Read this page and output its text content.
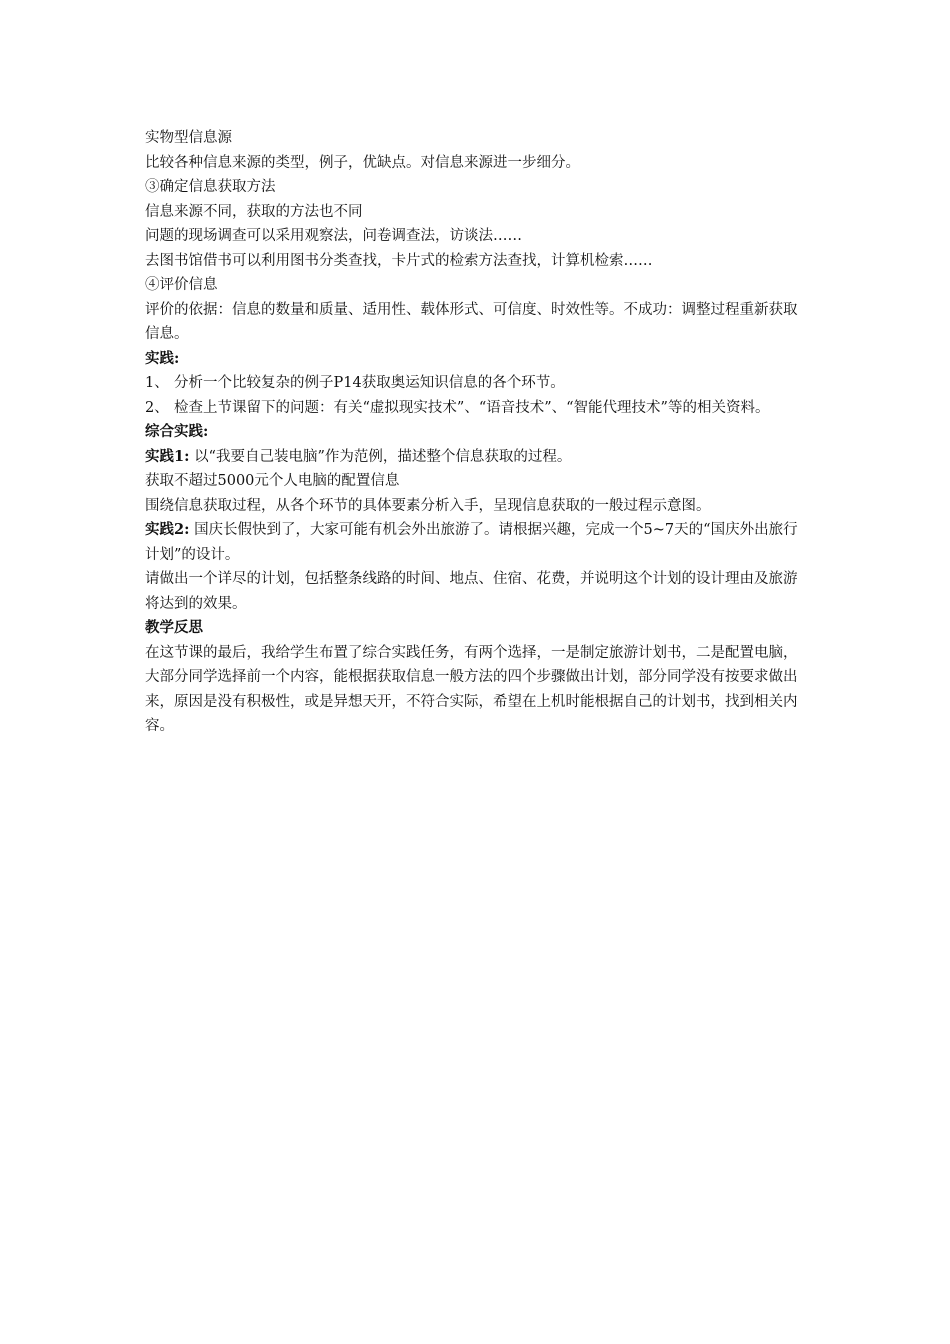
实物型信息源

比较各种信息来源的类型，例子，优缺点。对信息来源进一步细分。

③确定信息获取方法

信息来源不同，获取的方法也不同

问题的现场调查可以采用观察法，问卷调查法，访谈法……

去图书馆借书可以利用图书分类查找，卡片式的检索方法查找，计算机检索……

④评价信息

评价的依据：信息的数量和质量、适用性、载体形式、可信度、时效性等。不成功：调整过程重新获取信息。

实践:

1、 分析一个比较复杂的例子P14获取奥运知识信息的各个环节。
2、 检查上节课留下的问题：有关“虚拟现实技术”、“语音技术”、“智能代理技术”等的相关资料。

综合实践:

实践1: 以“我要自己装电脑”作为范例，描述整个信息获取的过程。

获取不超过5000元个人电脑的配置信息

围绕信息获取过程，从各个环节的具体要素分析入手，呈现信息获取的一般过程示意图。

实践2: 国庆长假快到了，大家可能有机会外出旅游了。请根据兴趣，完成一个5~7天的“国庆外出旅行计划”的设计。

请做出一个详尽的计划，包括整条线路的时间、地点、住宿、花费，并说明这个计划的设计理由及旅游将达到的效果。

教学反思

在这节课的最后，我给学生布置了综合实践任务，有两个选择，一是制定旅游计划书，二是配置电脑，大部分同学选择前一个内容，能根据获取信息一般方法的四个步骤做出计划，部分同学没有按要求做出来，原因是没有积极性，或是异想天开，不符合实际，希望在上机时能根据自己的计划书，找到相关内容。
